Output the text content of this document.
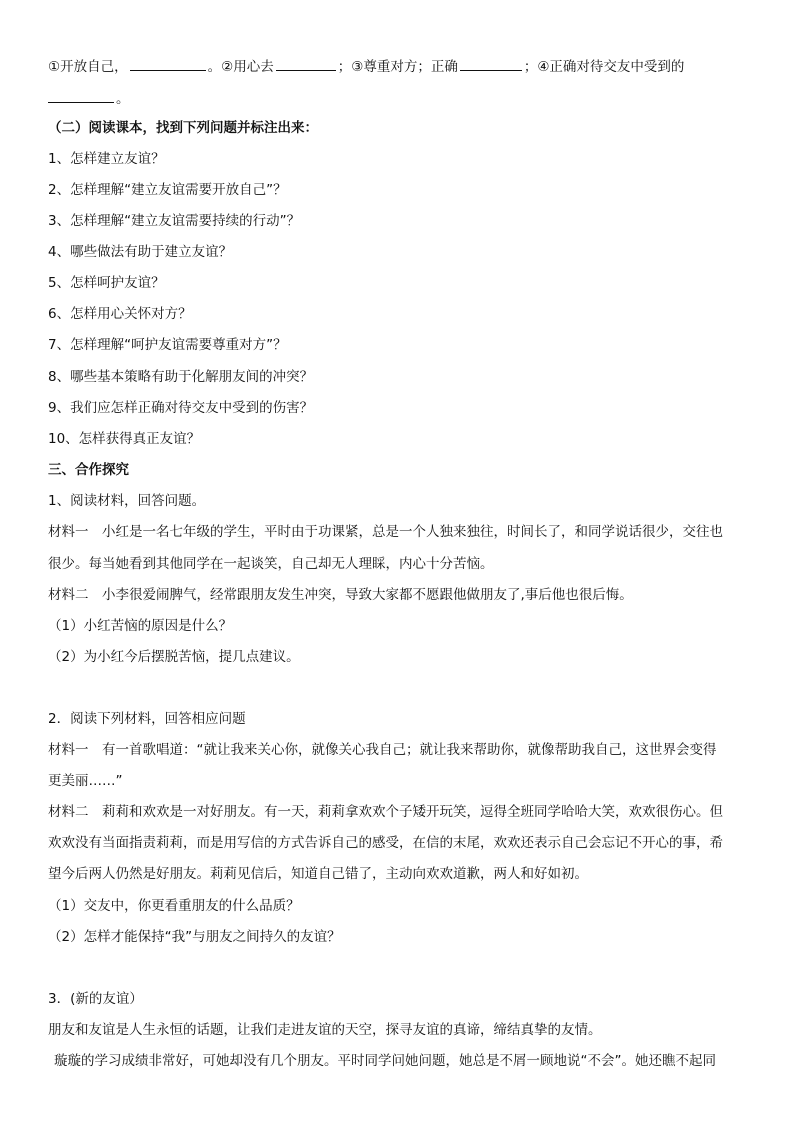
①开放自己，	。②用心去	；③尊重对方；正确	；④正确对待交友中受到的
。
（二）阅读课本，找到下列问题并标注出来：
1、怎样建立友谊？
2、怎样理解“建立友谊需要开放自己”？
3、怎样理解“建立友谊需要持续的行动”？
4、哪些做法有助于建立友谊？
5、怎样呵护友谊？
6、怎样用心关怀对方？
7、怎样理解“呵护友谊需要尊重对方”？
8、哪些基本策略有助于化解朋友间的冲突？
9、我们应怎样正确对待交友中受到的伤害？
10、怎样获得真正友谊？
三、合作探究
1、阅读材料，回答问题。
材料一　小红是一名七年级的学生，平时由于功课紧，总是一个人独来独往，时间长了，和同学说话很少，交往也
很少。每当她看到其他同学在一起谈笑，自己却无人理睬，内心十分苦恼。
材料二　小李很爱闹脾气，经常跟朋友发生冲突，导致大家都不愿跟他做朋友了,事后他也很后悔。
（1）小红苦恼的原因是什么？
（2）为小红今后摆脱苦恼，提几点建议。
2．阅读下列材料，回答相应问题
材料一　有一首歌唱道：“就让我来关心你，就像关心我自己；就让我来帮助你，就像帮助我自己，这世界会变得
更美丽……”
材料二　莉莉和欢欢是一对好朋友。有一天，莉莉拿欢欢个子矮开玩笑，逗得全班同学哈哈大笑，欢欢很伤心。但
欢欢没有当面指责莉莉，而是用写信的方式告诉自己的感受，在信的末尾，欢欢还表示自己会忘记不开心的事，希
望今后两人仍然是好朋友。莉莉见信后，知道自己错了，主动向欢欢道歉，两人和好如初。
（1）交友中，你更看重朋友的什么品质？
（2）怎样才能保持“我”与朋友之间持久的友谊？
3．(新的友谊）
朋友和友谊是人生永恒的话题，让我们走进友谊的天空，探寻友谊的真谛，缔结真挚的友情。
璇璇的学习成绩非常好，可她却没有几个朋友。平时同学问她问题，她总是不屑一顾地说“不会”。她还瞧不起同
